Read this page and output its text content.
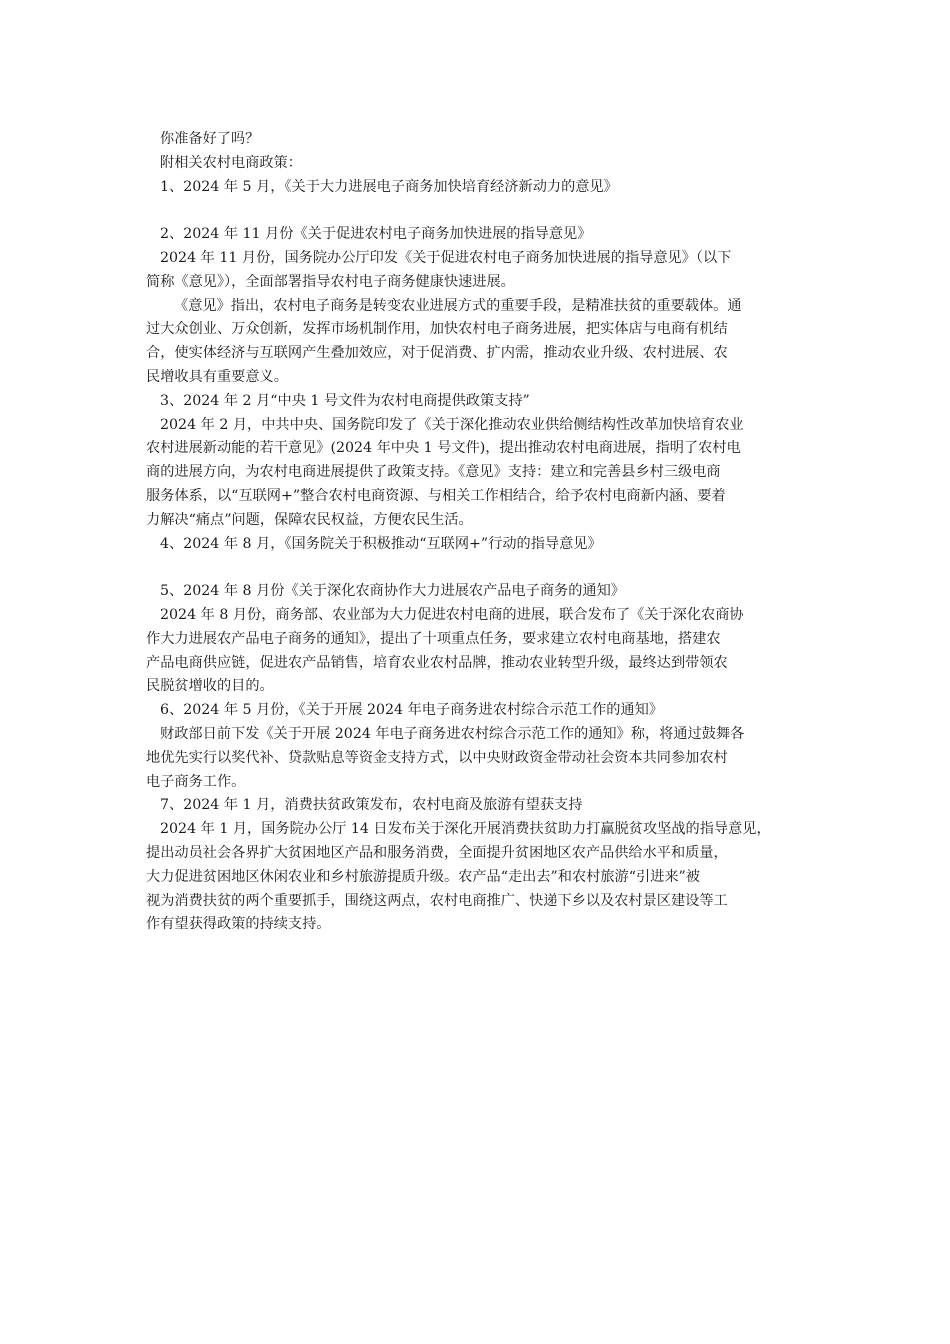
你准备好了吗？
附相关农村电商政策：
1、2024 年 5 月，《关于大力进展电子商务加快培育经济新动力的意见》
2、2024 年 11 月份《关于促进农村电子商务加快进展的指导意见》
2024 年 11 月份，国务院办公厅印发《关于促进农村电子商务加快进展的指导意见》（以下
简称《意见》），全面部署指导农村电子商务健康快速进展。
《意见》指出，农村电子商务是转变农业进展方式的重要手段，是精准扶贫的重要载体。通
过大众创业、万众创新，发挥市场机制作用，加快农村电子商务进展，把实体店与电商有机结
合，使实体经济与互联网产生叠加效应，对于促消费、扩内需，推动农业升级、农村进展、农
民增收具有重要意义。
3、2024 年 2 月“中央 1 号文件为农村电商提供政策支持”
2024 年 2 月，中共中央、国务院印发了《关于深化推动农业供给侧结构性改革加快培育农业
农村进展新动能的若干意见》(2024 年中央 1 号文件)，提出推动农村电商进展，指明了农村电
商的进展方向，为农村电商进展提供了政策支持。《意见》支持：建立和完善县乡村三级电商
服务体系，以“互联网+”整合农村电商资源、与相关工作相结合，给予农村电商新内涵、要着
力解决“痛点”问题，保障农民权益，方便农民生活。
4、2024 年 8 月，《国务院关于积极推动“互联网+”行动的指导意见》
5、2024 年 8 月份《关于深化农商协作大力进展农产品电子商务的通知》
2024 年 8 月份，商务部、农业部为大力促进农村电商的进展，联合发布了《关于深化农商协
作大力进展农产品电子商务的通知》，提出了十项重点任务，要求建立农村电商基地，搭建农
产品电商供应链，促进农产品销售，培育农业农村品牌，推动农业转型升级，最终达到带领农
民脱贫增收的目的。
6、2024 年 5 月份，《关于开展 2024 年电子商务进农村综合示范工作的通知》
财政部日前下发《关于开展 2024 年电子商务进农村综合示范工作的通知》称，将通过鼓舞各
地优先实行以奖代补、贷款贴息等资金支持方式，以中央财政资金带动社会资本共同参加农村
电子商务工作。
7、2024 年 1 月，消费扶贫政策发布，农村电商及旅游有望获支持
2024 年 1 月，国务院办公厅 14 日发布关于深化开展消费扶贫助力打赢脱贫攻坚战的指导意见，
提出动员社会各界扩大贫困地区产品和服务消费，全面提升贫困地区农产品供给水平和质量，
大力促进贫困地区休闲农业和乡村旅游提质升级。农产品“走出去”和农村旅游“引进来”被
视为消费扶贫的两个重要抓手，围绕这两点，农村电商推广、快递下乡以及农村景区建设等工
作有望获得政策的持续支持。
